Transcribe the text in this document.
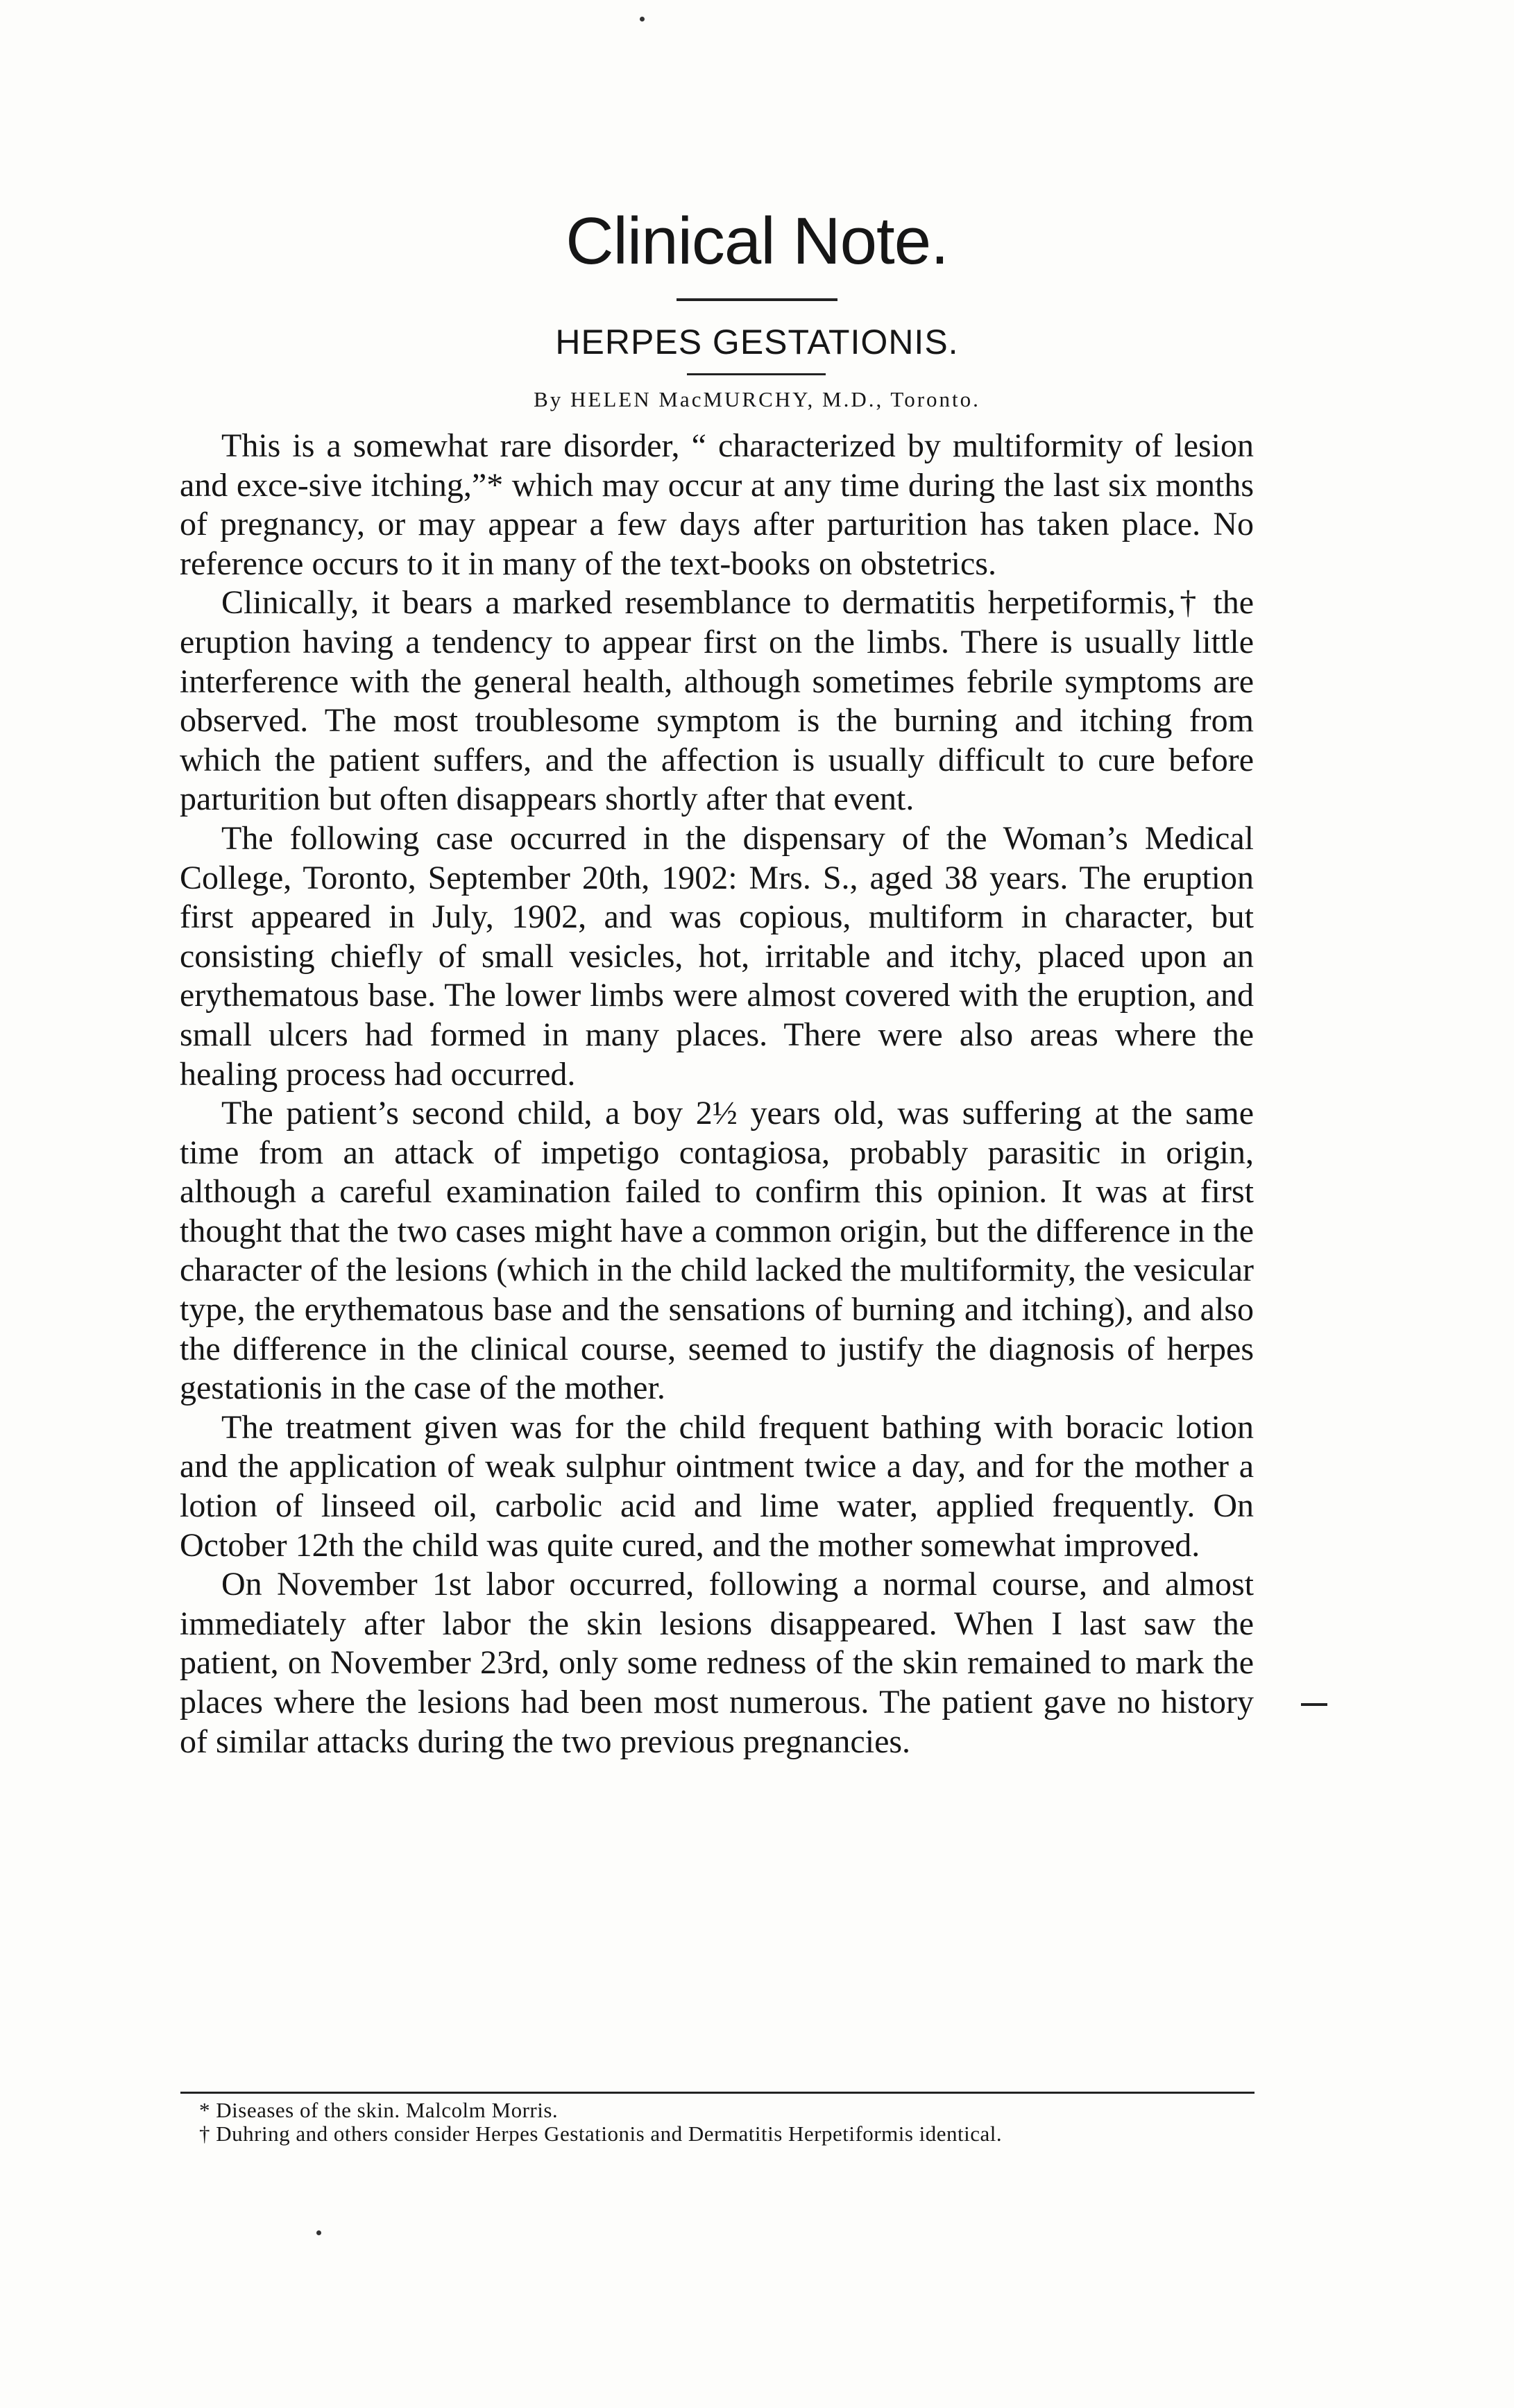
Clinical Note.
HERPES GESTATIONIS.
By HELEN MacMURCHY, M.D., Toronto.

This is a somewhat rare disorder, “ characterized by multiformity of lesion and exce-sive itching,”* which may occur at any time during the last six months of pregnancy, or may appear a few days after parturition has taken place. No reference occurs to it in many of the text-books on obstetrics.

Clinically, it bears a marked resemblance to dermatitis herpetiformis,† the eruption having a tendency to appear first on the limbs. There is usually little interference with the general health, although sometimes febrile symptoms are observed. The most troublesome symptom is the burning and itching from which the patient suffers, and the affection is usually difficult to cure before parturition but often disappears shortly after that event.

The following case occurred in the dispensary of the Woman’s Medical College, Toronto, September 20th, 1902: Mrs. S., aged 38 years. The eruption first appeared in July, 1902, and was copious, multiform in character, but consisting chiefly of small vesicles, hot, irritable and itchy, placed upon an erythematous base. The lower limbs were almost covered with the eruption, and small ulcers had formed in many places. There were also areas where the healing process had occurred.

The patient’s second child, a boy 2½ years old, was suffering at the same time from an attack of impetigo contagiosa, probably parasitic in origin, although a careful examination failed to confirm this opinion. It was at first thought that the two cases might have a common origin, but the difference in the character of the lesions (which in the child lacked the multiformity, the vesicular type, the erythematous base and the sensations of burning and itching), and also the difference in the clinical course, seemed to justify the diagnosis of herpes gestationis in the case of the mother.

The treatment given was for the child frequent bathing with boracic lotion and the application of weak sulphur ointment twice a day, and for the mother a lotion of linseed oil, carbolic acid and lime water, applied frequently. On October 12th the child was quite cured, and the mother somewhat improved.

On November 1st labor occurred, following a normal course, and almost immediately after labor the skin lesions disappeared. When I last saw the patient, on November 23rd, only some redness of the skin remained to mark the places where the lesions had been most numerous. The patient gave no history of similar attacks during the two previous pregnancies.

* Diseases of the skin. Malcolm Morris.

† Duhring and others consider Herpes Gestationis and Dermatitis Herpetiformis identical.
